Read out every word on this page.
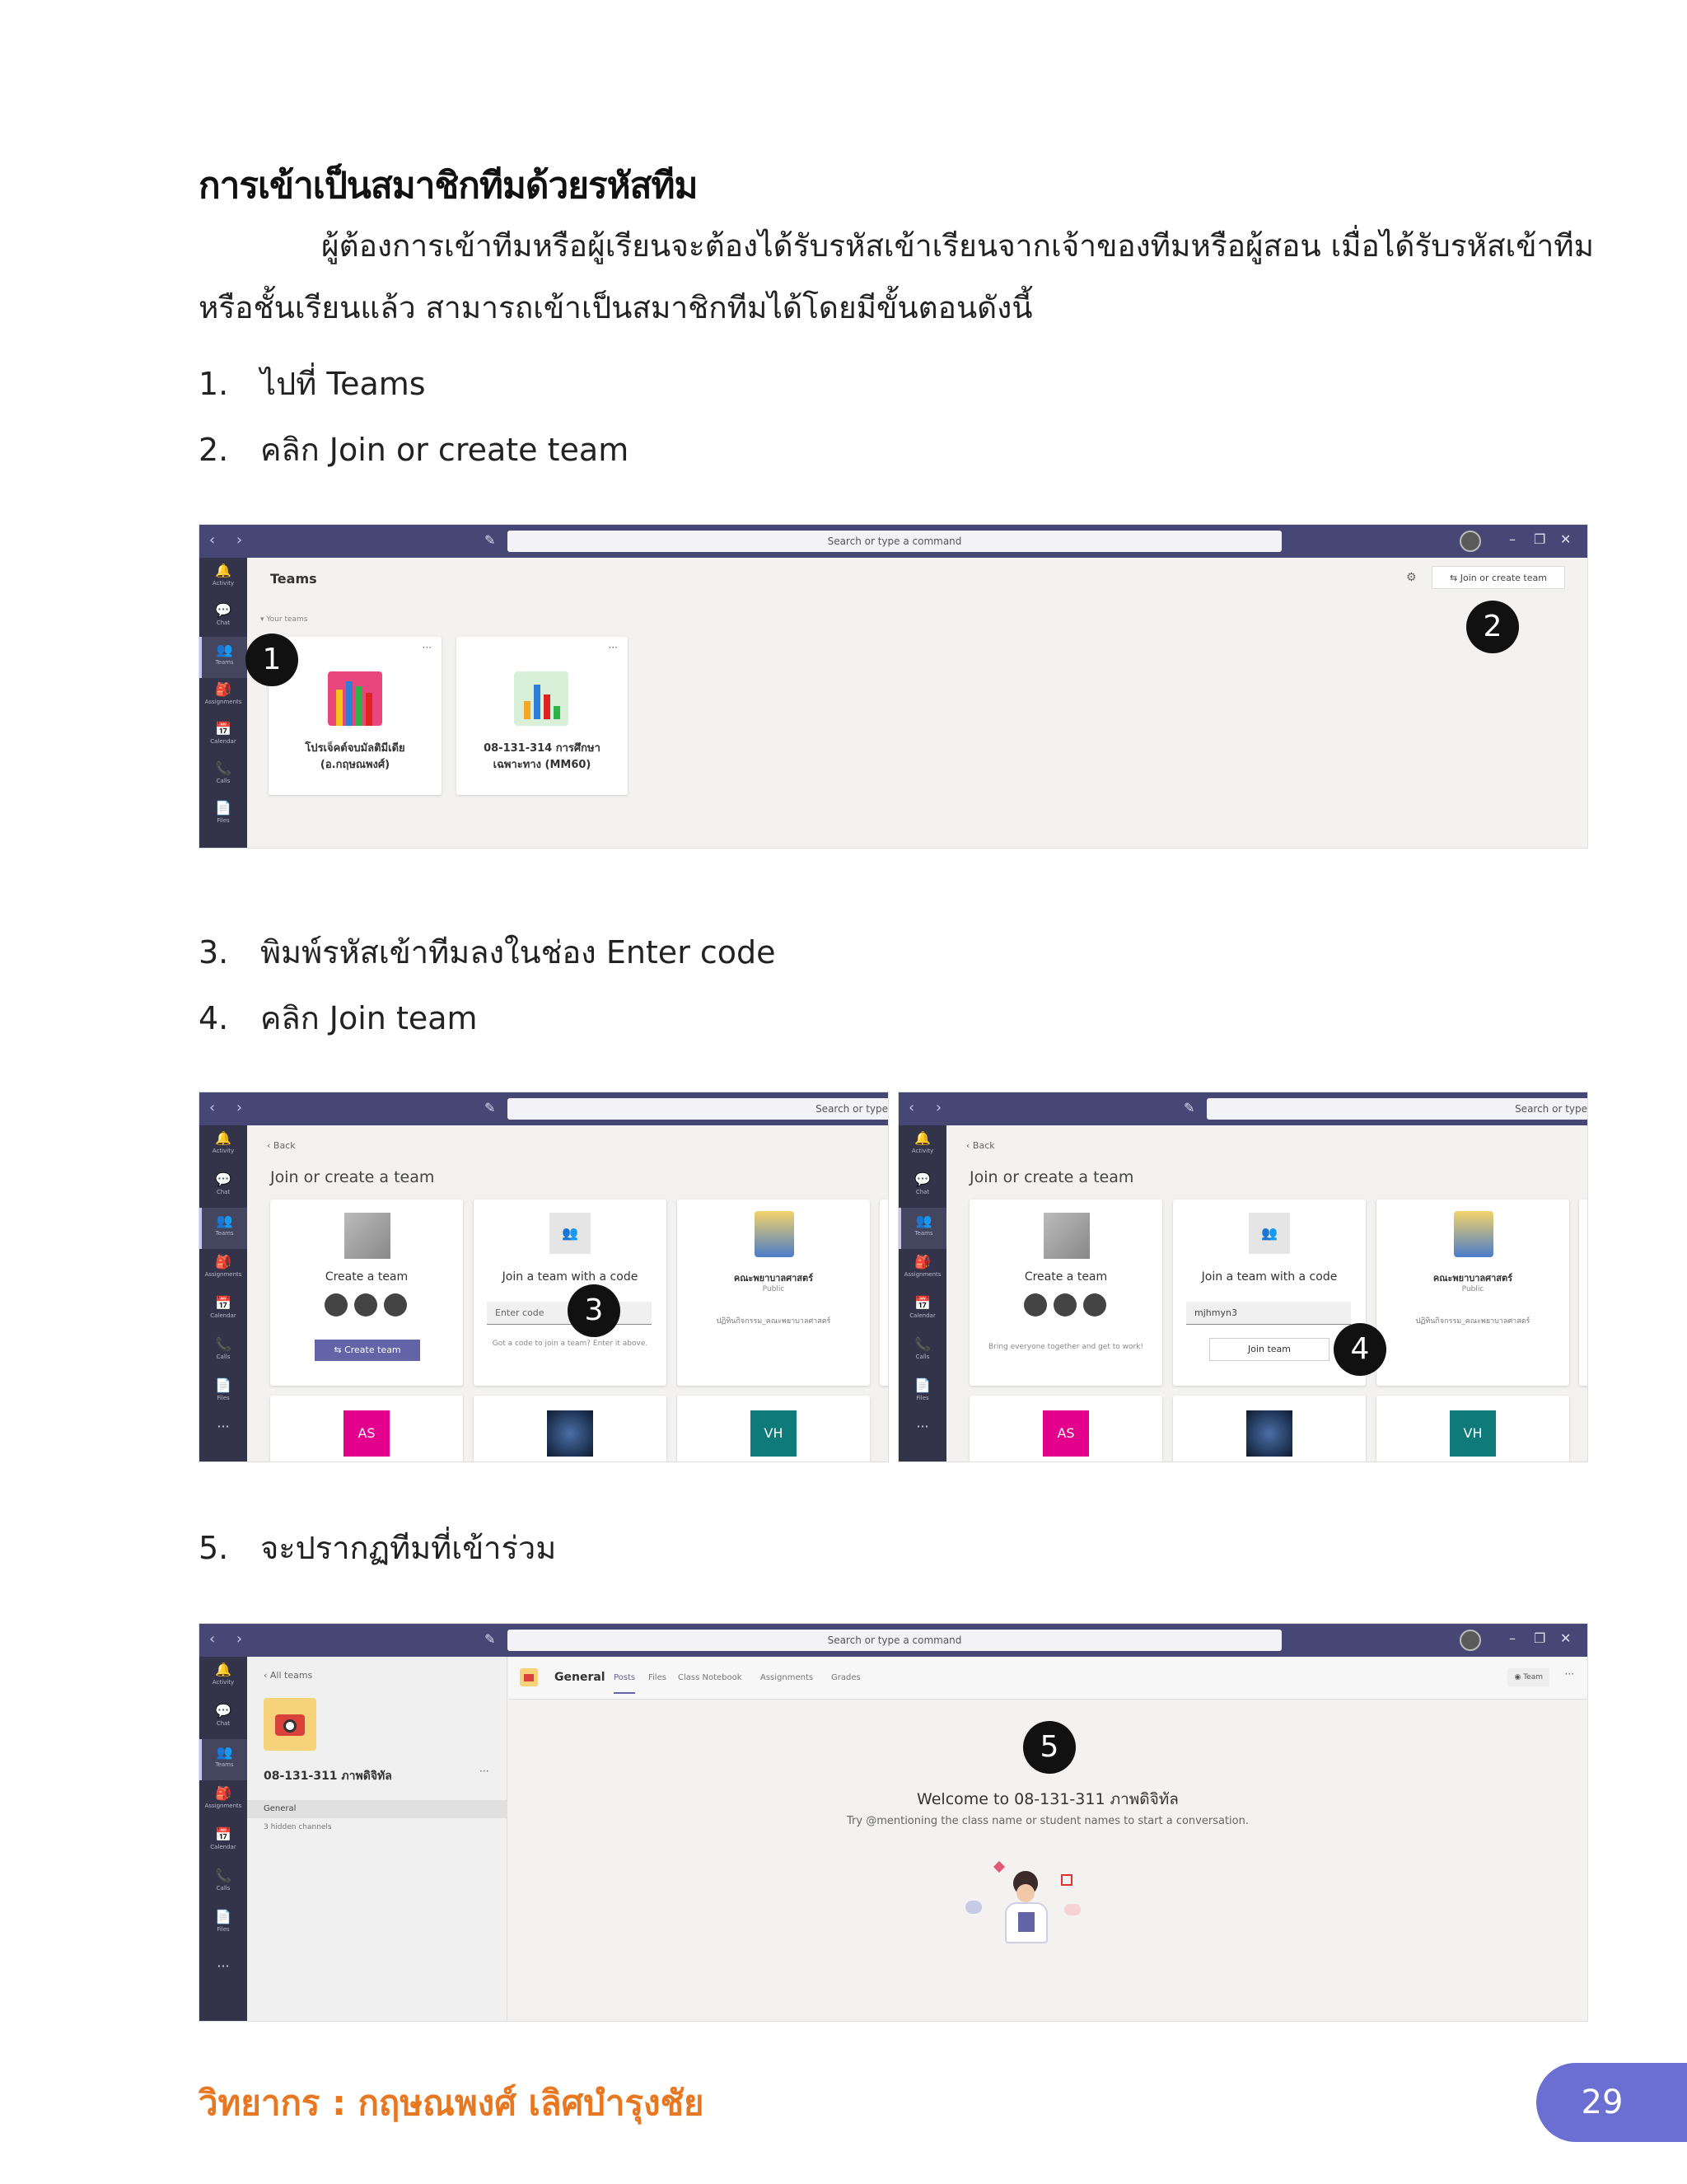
การเข้าเป็นสมาชิกทีมด้วยรหัสทีม
ผู้ต้องการเข้าทีมหรือผู้เรียนจะต้องได้รับรหัสเข้าเรียนจากเจ้าของทีมหรือผู้สอน เมื่อได้รับรหัสเข้าทีม
หรือชั้นเรียนแล้ว สามารถเข้าเป็นสมาชิกทีมได้โดยมีขั้นตอนดังนี้
1. ไปที่ Teams
2. คลิก Join or create team
‹ ›	✎	Search or type a command	– ❐ ✕
🔔
Activity
💬
Chat
👥
Teams
🎒
Assignments
📅
Calendar
📞
Calls
📄
Files
Teams	⚙	⇆ Join or create team
▾ Your teams
···
โปรเจ็คต์จบมัลติมีเดีย
(อ.กฤษณพงศ์)
···
08-131-314 การศึกษา
เฉพาะทาง (MM60)
1
2
3. พิมพ์รหัสเข้าทีมลงในช่อง Enter code
4. คลิก Join team
‹ ›	✎	Search or type
🔔
Activity
💬
Chat
👥
Teams
🎒
Assignments
📅
Calendar
📞
Calls
📄
Files
···
‹ Back
Join or create a team
Create a team
⇆ Create team
👥
Join a team with a code
Enter code
Got a code to join a team? Enter it above.
คณะพยาบาลศาสตร์
Public
ปฏิทินกิจกรรม_คณะพยาบาลศาสตร์
AS	VH
3
‹ ›	✎	Search or type
🔔
Activity
💬
Chat
👥
Teams
🎒
Assignments
📅
Calendar
📞
Calls
📄
Files
···
‹ Back
Join or create a team
Create a team
Bring everyone together and get to work!
👥
Join a team with a code
mjhmyn3
Join team
คณะพยาบาลศาสตร์
Public
ปฏิทินกิจกรรม_คณะพยาบาลศาสตร์
AS	VH
4
5. จะปรากฏทีมที่เข้าร่วม
‹ ›	✎	Search or type a command	– ❐ ✕
🔔
Activity
💬
Chat
👥
Teams
🎒
Assignments
📅
Calendar
📞
Calls
📄
Files
···
‹ All teams
08-131-311 ภาพดิจิทัล	···
General
3 hidden channels
General Posts Files Class Notebook Assignments Grades	◉ Team	···
5
Welcome to 08-131-311 ภาพดิจิทัล
Try @mentioning the class name or student names to start a conversation.
วิทยากร : กฤษณพงศ์ เลิศบำรุงชัย	29
